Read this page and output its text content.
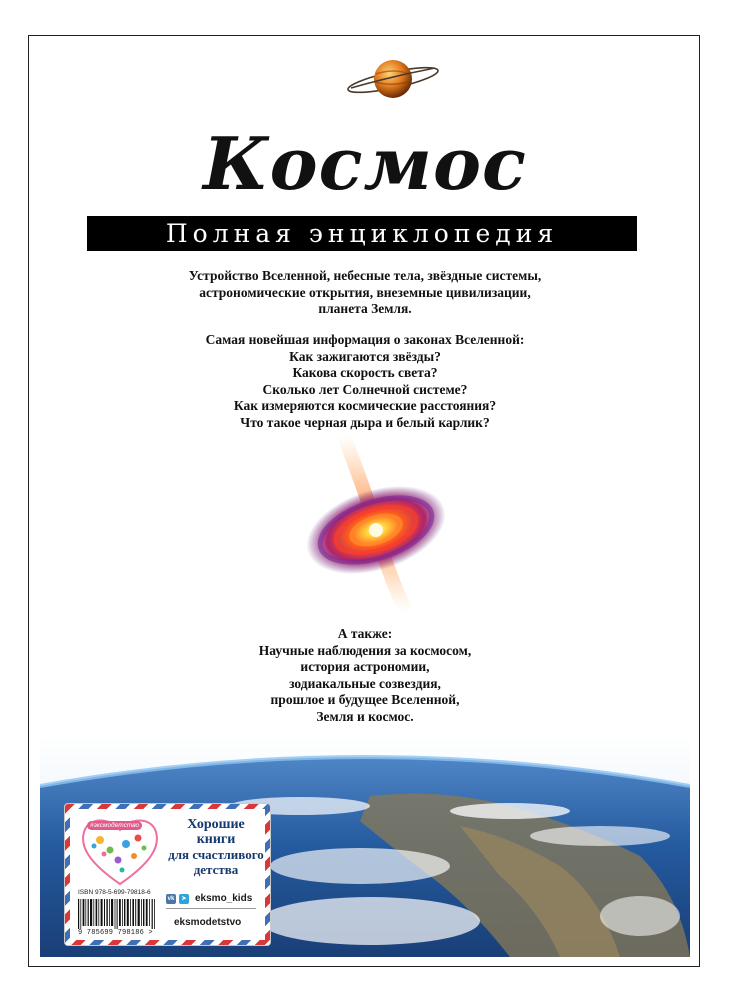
Космос
Полная энциклопедия
Устройство Вселенной, небесные тела, звёздные системы,
астрономические открытия, внеземные цивилизации,
планета Земля.
Самая новейшая информация о законах Вселенной:
Как зажигаются звёзды?
Какова скорость света?
Сколько лет Солнечной системе?
Как измеряются космические расстояния?
Что такое черная дыра и белый карлик?
А также:
Научные наблюдения за космосом,
история астрономии,
зодиакальные созвездия,
прошлое и будущее Вселенной,
Земля и космос.
#эксмодетство	Хорошие
книги
для счастливого
детства
ISBN 978-5-699-79818-6
9 785699 798186 >
vk	➤ eksmo_kids
eksmodetstvo
